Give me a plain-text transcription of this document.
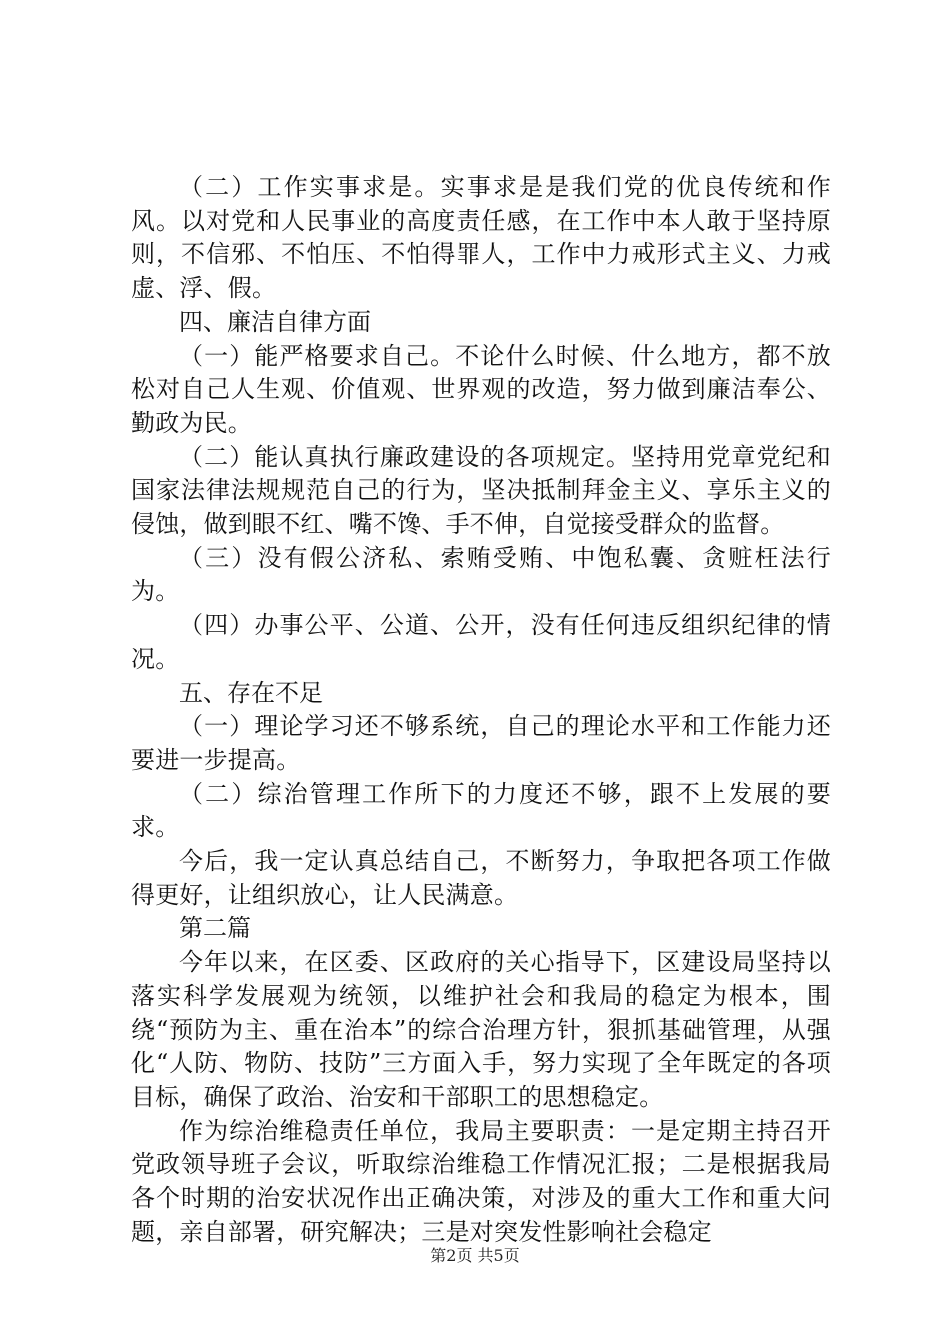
（二）工作实事求是。实事求是是我们党的优良传统和作风。以对党和人民事业的高度责任感，在工作中本人敢于坚持原则，不信邪、不怕压、不怕得罪人，工作中力戒形式主义、力戒虚、浮、假。

四、廉洁自律方面

（一）能严格要求自己。不论什么时候、什么地方，都不放松对自己人生观、价值观、世界观的改造，努力做到廉洁奉公、勤政为民。

（二）能认真执行廉政建设的各项规定。坚持用党章党纪和国家法律法规规范自己的行为，坚决抵制拜金主义、享乐主义的侵蚀，做到眼不红、嘴不馋、手不伸，自觉接受群众的监督。

（三）没有假公济私、索贿受贿、中饱私囊、贪赃枉法行为。

（四）办事公平、公道、公开，没有任何违反组织纪律的情况。

五、存在不足

（一）理论学习还不够系统，自己的理论水平和工作能力还要进一步提高。

（二）综治管理工作所下的力度还不够，跟不上发展的要求。

今后，我一定认真总结自己，不断努力，争取把各项工作做得更好，让组织放心，让人民满意。

第二篇

今年以来，在区委、区政府的关心指导下，区建设局坚持以落实科学发展观为统领，以维护社会和我局的稳定为根本，围绕“预防为主、重在治本”的综合治理方针，狠抓基础管理，从强化“人防、物防、技防”三方面入手，努力实现了全年既定的各项目标，确保了政治、治安和干部职工的思想稳定。

作为综治维稳责任单位，我局主要职责：一是定期主持召开党政领导班子会议，听取综治维稳工作情况汇报；二是根据我局各个时期的治安状况作出正确决策，对涉及的重大工作和重大问题，亲自部署，研究解决；三是对突发性影响社会稳定

第2页 共5页
